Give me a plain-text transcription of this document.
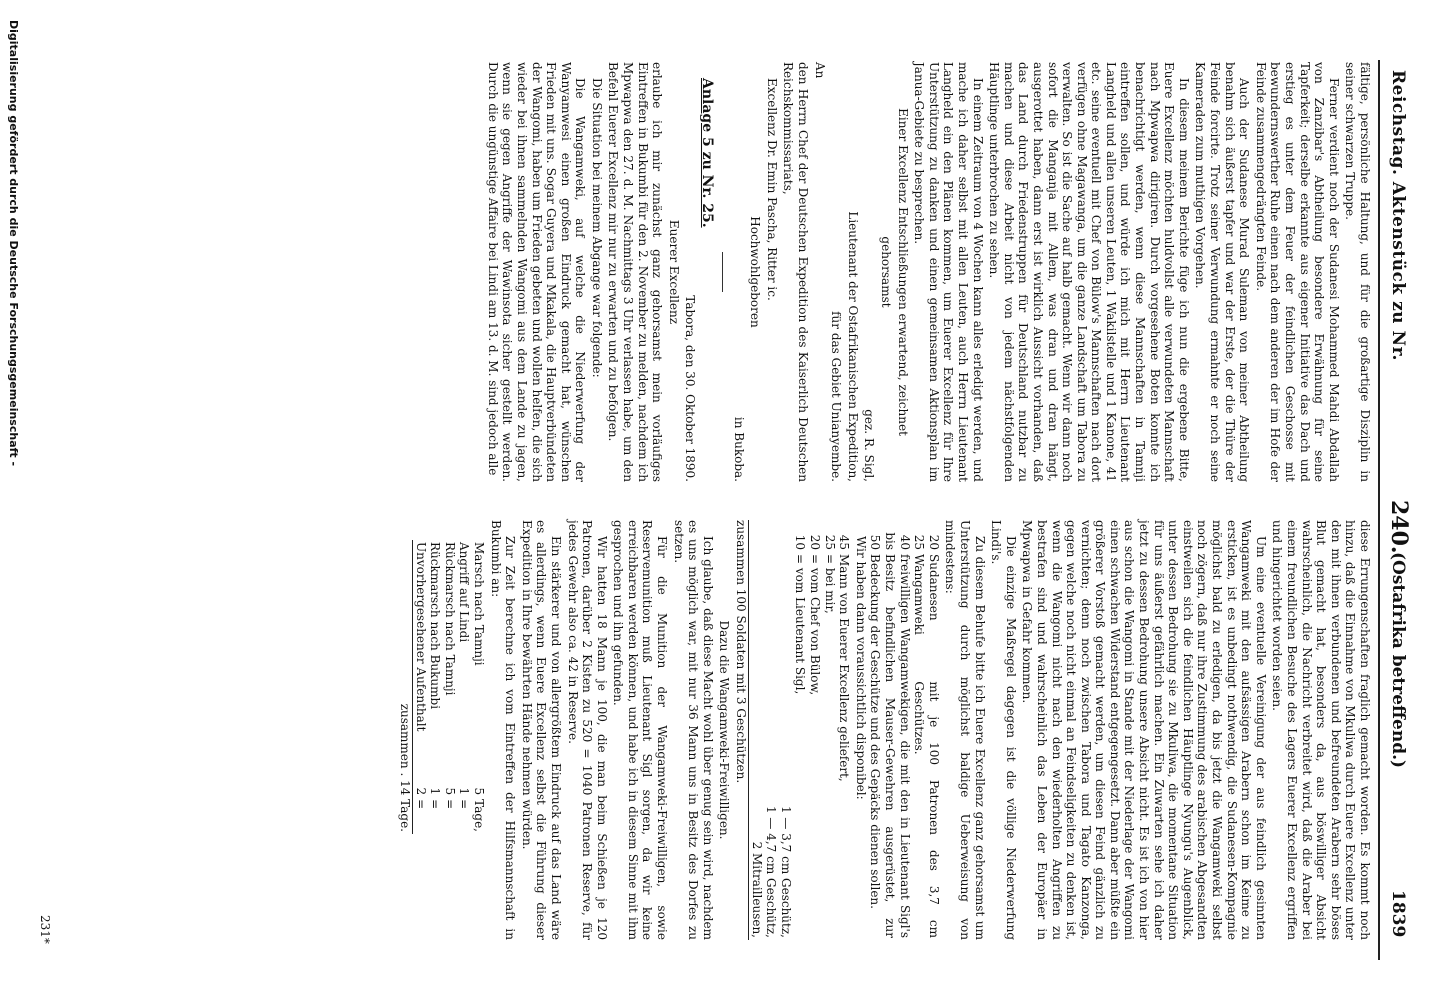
Reichstag. Aktenstück zu Nr.
240.
(Ostafrika betreffend.)
1839

fältige, persönliche Haltung, und für die großartige Disziplin in seiner schwarzen Truppe.

Ferner verdient noch der Sudanesi Mohammed Mahdi Abdallah von Zanzibar's Abtheilung besondere Erwähnung für seine Tapferkeit; derselbe erkannte aus eigener Initiative das Dach und erstieg es unter dem Feuer der feindlichen Geschosse mit bewundernswerther Ruhe einen nach dem anderen der im Hofe der Feinde zusammengedrängten Feinde.

Auch der Sudanese Murad Suleman von meiner Abtheilung benahm sich äußerst tapfer und war der Erste, der die Thüre der Feinde forcirte. Trotz seiner Verwundung ermahnte er noch seine Kameraden zum muthigen Vorgehen.

In diesem meinem Berichte füge ich nun die ergebene Bitte, Euere Excellenz möchten huldvollst alle verwundeten Mannschaft nach Mpwapwa dirigiren. Durch vorgesehene Boten konnte ich benachrichtigt werden, wenn diese Mannschaften in Tamnji eintreffen sollen, und würde ich mich mit Herrn Lieutenant Langheld und allen unseren Leuten, 1 Wakilstelle und 1 Kanone, 41 etc. seine eventuell mit Chef von Bülow's Mannschaften nach dort verfügen ohne Magawanga, um die ganze Landschaft um Tabora zu verwalten. So ist die Sache auf halb gemacht. Wenn wir dann noch sofort die Manganja mit Allem, was dran und dran hängt, ausgerottet haben, dann erst ist wirklich Aussicht vorhanden, daß das Land durch Friedenstruppen für Deutschland nutzbar zu machen und diese Arbeit nicht von jedem nächstfolgenden Häuptlinge unterbrochen zu sehen.

In einem Zeitraum von 4 Wochen kann alles erledigt werden, und mache ich daher selbst mit allen Leuten, auch Herrn Lieutenant Langheld ein den Plänen kommen, um Euerer Excellenz für Ihre Unterstützung zu danken und einen gemeinsamen Aktionsplan im Janua-Gebiete zu besprechen.

Einer Excellenz Entschließungen erwartend, zeichnet

gehorsamst

gez. R. Sigl,

Lieutenant der Ostafrikanischen Expedition,

für das Gebiet Unianyembe.

An

den Herrn Chef der Deutschen Expedition des Kaiserlich Deutschen Reichskommissariats,

Excellenz Dr. Emin Pascha, Ritter ic.

Hochwohlgeboren

in Bukoba.

Anlage 5 zu Nr. 25.

Tabora, den 30. Oktober 1890.

Euerer Excellenz

erlaube ich mir zunächst ganz gehorsamst mein vorläufiges Eintreffen in Bukumbi für den 2. November zu melden, nachdem ich Mpwapwa den 27. d. M. Nachmittags 3 Uhr verlassen habe, um den Befehl Euerer Excellenz mir nur zu erwarten und zu befolgen.

Die Situation bei meinem Abgange war folgende:

Die Wangamweki, auf welche die Niederwerfung der Wanyamwesi einen großen Eindruck gemacht hat, wünschen Frieden mit uns. Sogar Guyera und Mkakala, die Hauptverbündeten der Wangomi, haben um Frieden gebeten und wollen helfen, die sich wieder bei ihnen sammelnden Wangomi aus dem Lande zu jagen, wenn sie gegen Angriffe der Wawinsota sicher gestellt werden. Durch die ungünstige Affaire bei Lindi am 13. d. M. sind jedoch alle

diese Errungenschaften fraglich gemacht worden. Es kommt noch hinzu, daß die Einnahme von Mkuliwa durch Euere Excellenz unter den mit ihnen verbundenen und befreundeten Arabern sehr böses Blut gemacht hat, besonders da, aus böswilliger Absicht wahrscheinlich, die Nachricht verbreitet wird, daß die Araber bei einem freundlichen Besuche des Lagers Euerer Excellenz ergriffen und hingerichtet worden seien.

Um eine eventuelle Vereinigung der aus feindlich gesinnten Wangamweki mit den aufsässigen Arabern schon im Keime zu ersticken, ist es unbedingt nothwendig, die Sudanesen-Kompagnie möglichst bald zu erledigen, da bis jetzt die Wangamweki selbst noch zögern, daß nur ihre Zustimmung des arabischen Abgesandten einstweilen sich die feindlichen Häuptlinge Nyungu's Augenblick, unter dessen Bedrohung sie zu Mkuliwa, die momentane Situation für uns äußerst gefährlich machen. Ein Zuwarten sehe ich daher jetzt zu dessen Bedrohung unsere Absicht nicht. Es ist ich von hier aus schon die Wangomi in Stande mit der Niederlage der Wangomi einen schwachen Widerstand entgegengesetzt. Dann aber müßte ein größerer Vorstoß gemacht werden, um diesen Feind gänzlich zu vernichten; denn noch zwischen Tabora und Tagato Kanzonga, gegen welche noch nicht einmal an Feindseligkeiten zu denken ist, wenn die Wangomi nicht nach den wiederholten Angriffen zu bestrafen sind und wahrscheinlich das Leben der Europäer in Mpwapwa in Gefahr kommen.

Die einzige Maßregel dagegen ist die völlige Niederwerfung Lindi's.

Zu diesem Behufe bitte ich Euere Excellenz ganz gehorsamst um Unterstützung durch möglichst baldige Ueberweisung von mindestens:

20	Sudanesen	mit je 100 Patronen des 3,7 cm Geschützes.
25	Wangamweki	
40 bis 50	freiwilligen Wangamwekigen, die mit den in Lieutenant Sigl's Besitz befindlichen Mauser-Gewehren ausgerüstet, zur Bedeckung der Geschütze und des Gepäcks dienen sollen.	

Wir haben dann voraussichtlich disponibel:

45	Mann von Euerer Excellenz geliefert,
25	= bei mir,
20	= vom Chef von Bülow,
10	= vom Lieutenant Sigl,
	1 — 3,7 cm Geschütz,
	1 — 4,7 cm Geschütz,
	2 Mitrailleusen,

zusammen 100 Soldaten mit 3 Geschützen.

Dazu die Wangamweki-Freiwilligen.

Ich glaube, daß diese Macht wohl über genug sein wird, nachdem es uns möglich war, mit nur 36 Mann uns in Besitz des Dorfes zu setzen.

Für die Munition der Wangamweki-Freiwilligen, sowie Reservemunition muß Lieutenant Sigl sorgen, da wir keine erreichbaren werden können, und habe ich in diesem Sinne mit ihm gesprochen und ihn gefunden.

Wir hatten 18 Mann je 100, die man beim Schießen je 120 Patronen, darüber 2 Kisten zu 520 = 1040 Patronen Reserve, für jedes Gewehr also ca. 42 in Reserve.

Ein stärkerer und von allergrößtem Eindruck auf das Land wäre es allerdings, wenn Euere Excellenz selbst die Führung dieser Expedition in Ihre bewährten Hände nehmen würden.

Zur Zeit berechne ich vom Eintreffen der Hilfsmannschaft in Bukumbi an:

Marsch nach Tamnji	5	Tage,
Angriff auf Lindi	1	=
Rückmarsch nach Tamnji	5	=
Rückmarsch nach Bukumbi	1	=
Unvorhergesehener Aufenthalt	2	=
zusammen . 14 Tage.		
231*
Digitalisierung gefördert durch die Deutsche Forschungsgemeinschaft -
